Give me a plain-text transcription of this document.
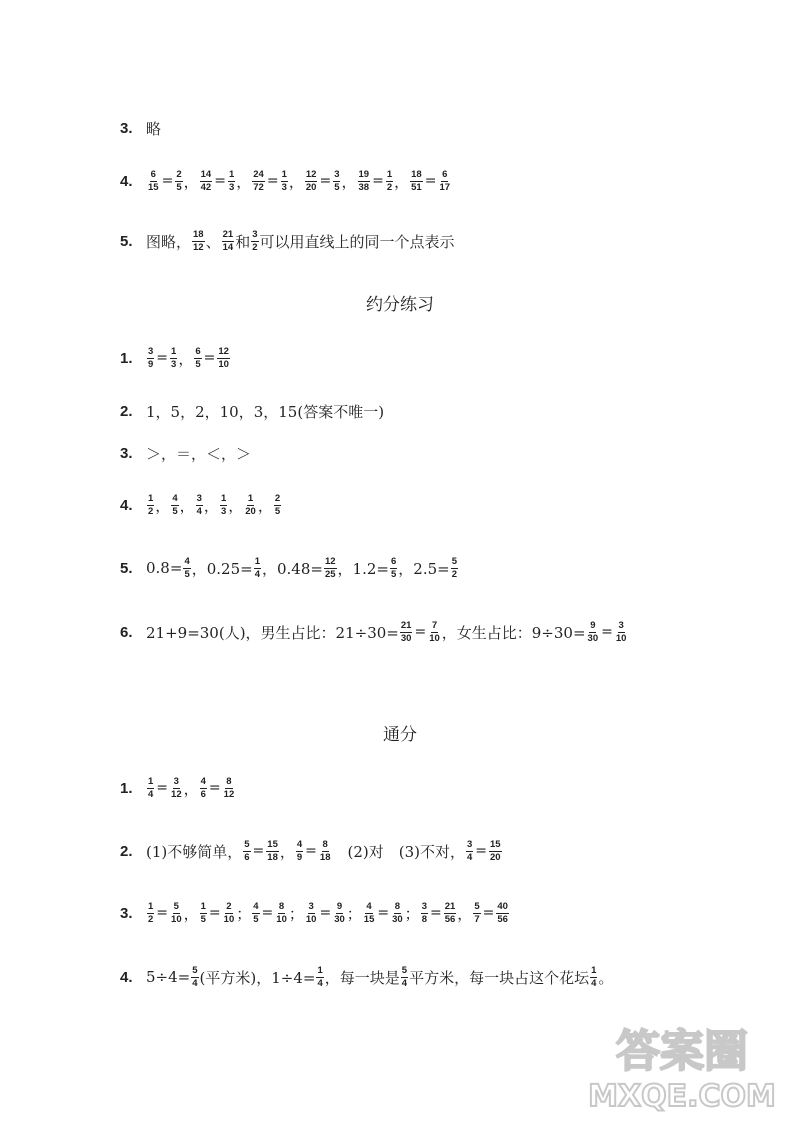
3. 略
4.	$\frac{6}{15} = \frac{2}{5}$ ， $\frac{14}{42} = \frac{1}{3}$ ， $\frac{24}{72} = \frac{1}{3}$ ， $\frac{12}{20} = \frac{3}{5}$ ， $\frac{19}{38} = \frac{1}{2}$ ， $\frac{18}{51} = \frac{6}{17}$
5. 图略， $\frac{18}{12}$ 、 $\frac{21}{14}$ 和 $\frac{3}{2}$ 可以用直线上的同一个点表示
约分练习
1.	$\frac{3}{9} = \frac{1}{3}$ ， $\frac{6}{5} = \frac{12}{10}$
2. 1，5，2，10，3，15(答案不唯一)
3. ＞，＝，＜，＞
4.	$\frac{1}{2}$ ， $\frac{4}{5}$ ， $\frac{3}{4}$ ， $\frac{1}{3}$ ， $\frac{1}{20}$ ， $\frac{2}{5}$
5. $0.8= \frac{4}{5}$ ，$0.25= \frac{1}{4}$ ，$0.48= \frac{12}{25}$ ，$1.2= \frac{6}{5}$ ，$2.5= \frac{5}{2}$
6. 21+9=30(人)，男生占比：$21\div 30= \frac{21}{30} = \frac{7}{10}$ ，女生占比：$9\div 30= \frac{9}{30} = \frac{3}{10}$
通分
1.	$\frac{1}{4} = \frac{3}{12}$ ， $\frac{4}{6} = \frac{8}{12}$
2. (1)不够简单， $\frac{5}{6} = \frac{15}{18}$ ， $\frac{4}{9} = \frac{8}{18}$ 　(2)对　(3)不对， $\frac{3}{4} = \frac{15}{20}$
3.	$\frac{1}{2} = \frac{5}{10}$ ， $\frac{1}{5} = \frac{2}{10}$ ； $\frac{4}{5} = \frac{8}{10}$ ； $\frac{3}{10} = \frac{9}{30}$ ； $\frac{4}{15} = \frac{8}{30}$ ； $\frac{3}{8} = \frac{21}{56}$ ， $\frac{5}{7} = \frac{40}{56}$
4. $5\div 4= \frac{5}{4}$ (平方米)，$1\div 4= \frac{1}{4}$ ，每一块是 $\frac{5}{4}$ 平方米，每一块占这个花坛 $\frac{1}{4}$ 。
答案圈
MXQE.COM
